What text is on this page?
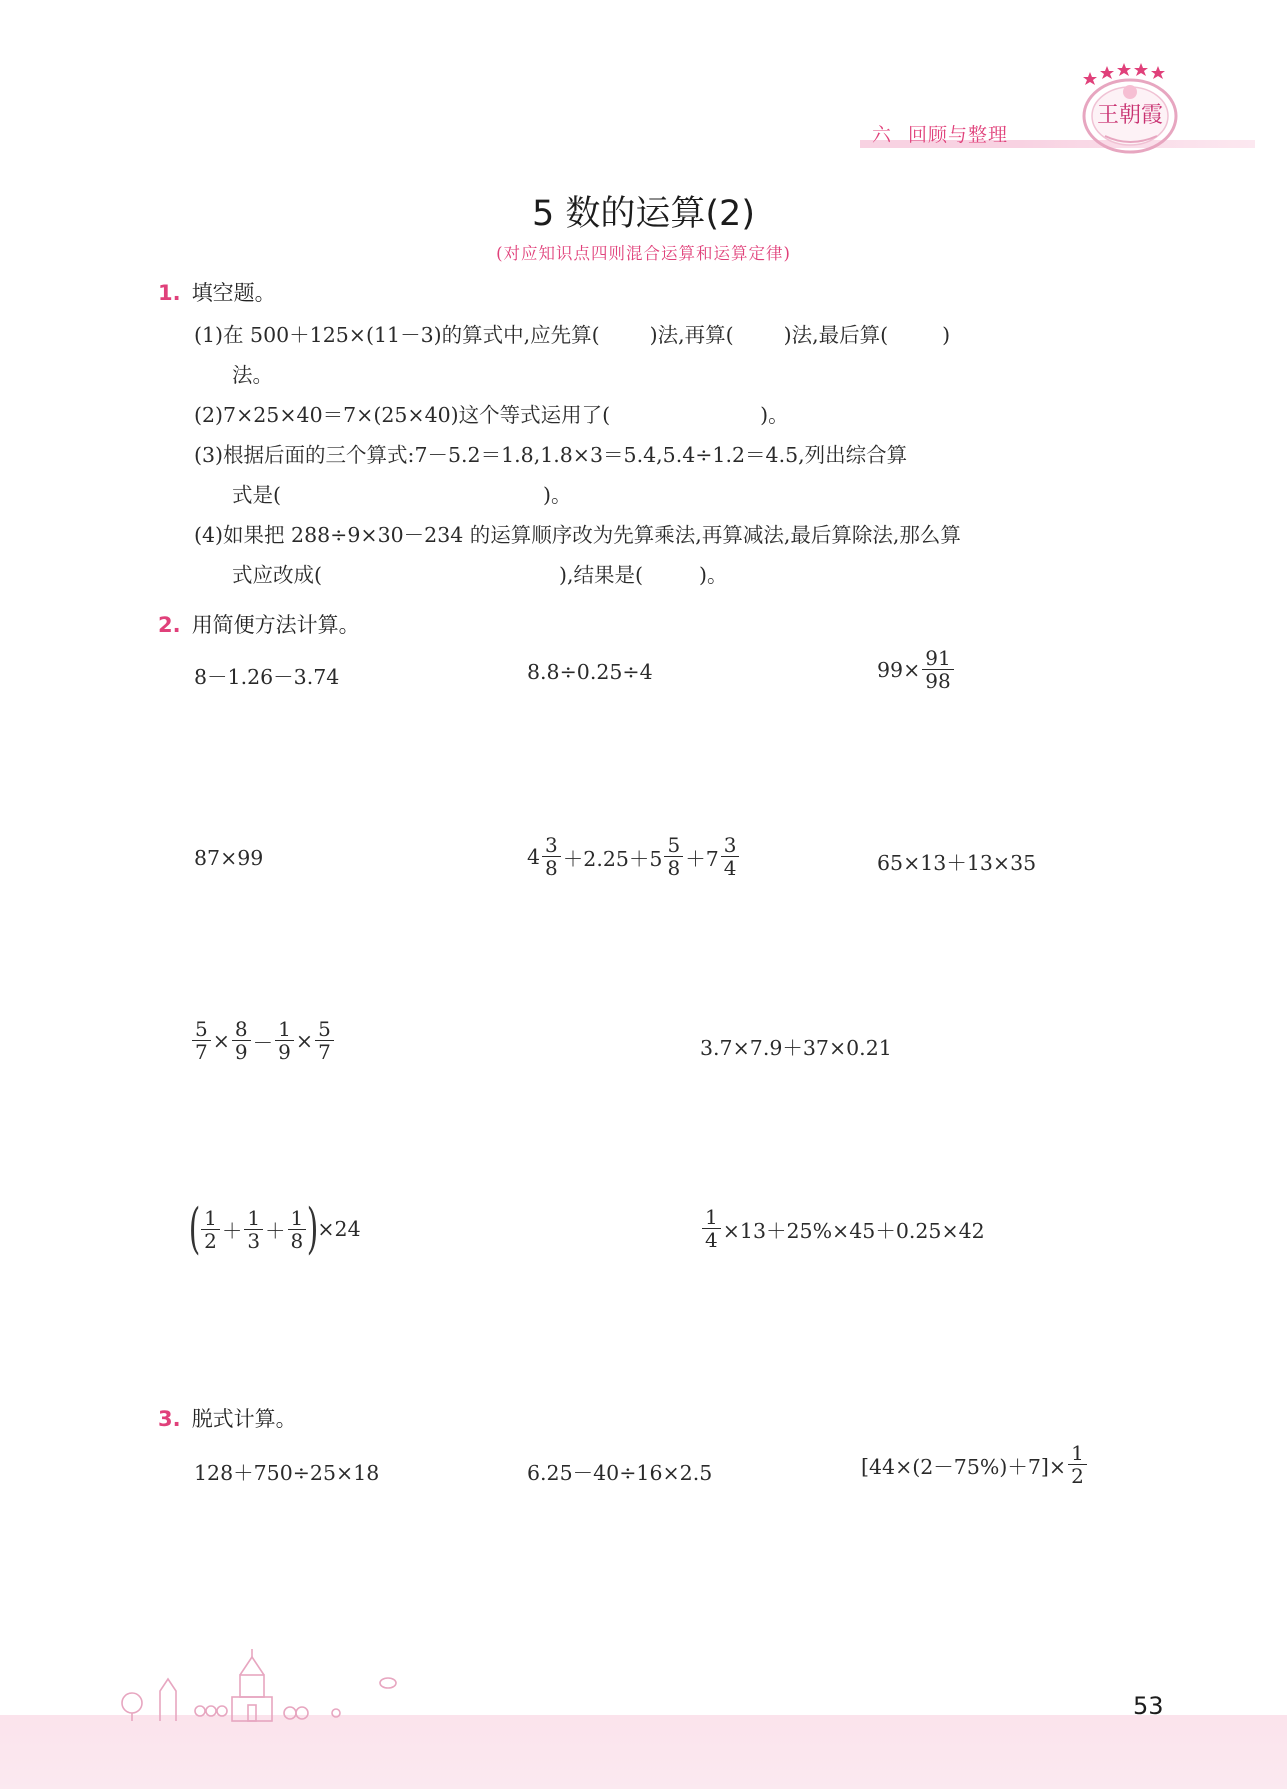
六 回顾与整理
王朝霞
5 数的运算(2)
(对应知识点四则混合运算和运算定律)
1. 填空题。
(1)在 500＋125×(11－3)的算式中,应先算( )法,再算( )法,最后算(	)
法。
(2)7×25×40＝7×(25×40)这个等式运用了(	)。
(3)根据后面的三个算式:7－5.2＝1.8,1.8×3＝5.4,5.4÷1.2＝4.5,列出综合算
式是(	)。
(4)如果把 288÷9×30－234 的运算顺序改为先算乘法,再算减法,最后算除法,那么算
式应改成(	),结果是(	)。
2. 用简便方法计算。
8－1.26－3.74	8.8÷0.25÷4	$99\times \frac{91}{98}$
87×99	$4 \frac{3}{8} +2.25+5 \frac{5}{8} +7 \frac{3}{4}$	65×13＋13×35
$\frac{5}{7} \times \frac{8}{9} - \frac{1}{9} \times \frac{5}{7}$	3.7×7.9＋37×0.21
( $\frac{1}{2} + \frac{1}{3} + \frac{1}{8}$ )
×24	$\frac{1}{4} \times 13+25\%\times 45+0.25\times 42$
3. 脱式计算。
128＋750÷25×18	6.25－40÷16×2.5	$[44\times(2-75\%)+7]\times \frac{1}{2}$
53
